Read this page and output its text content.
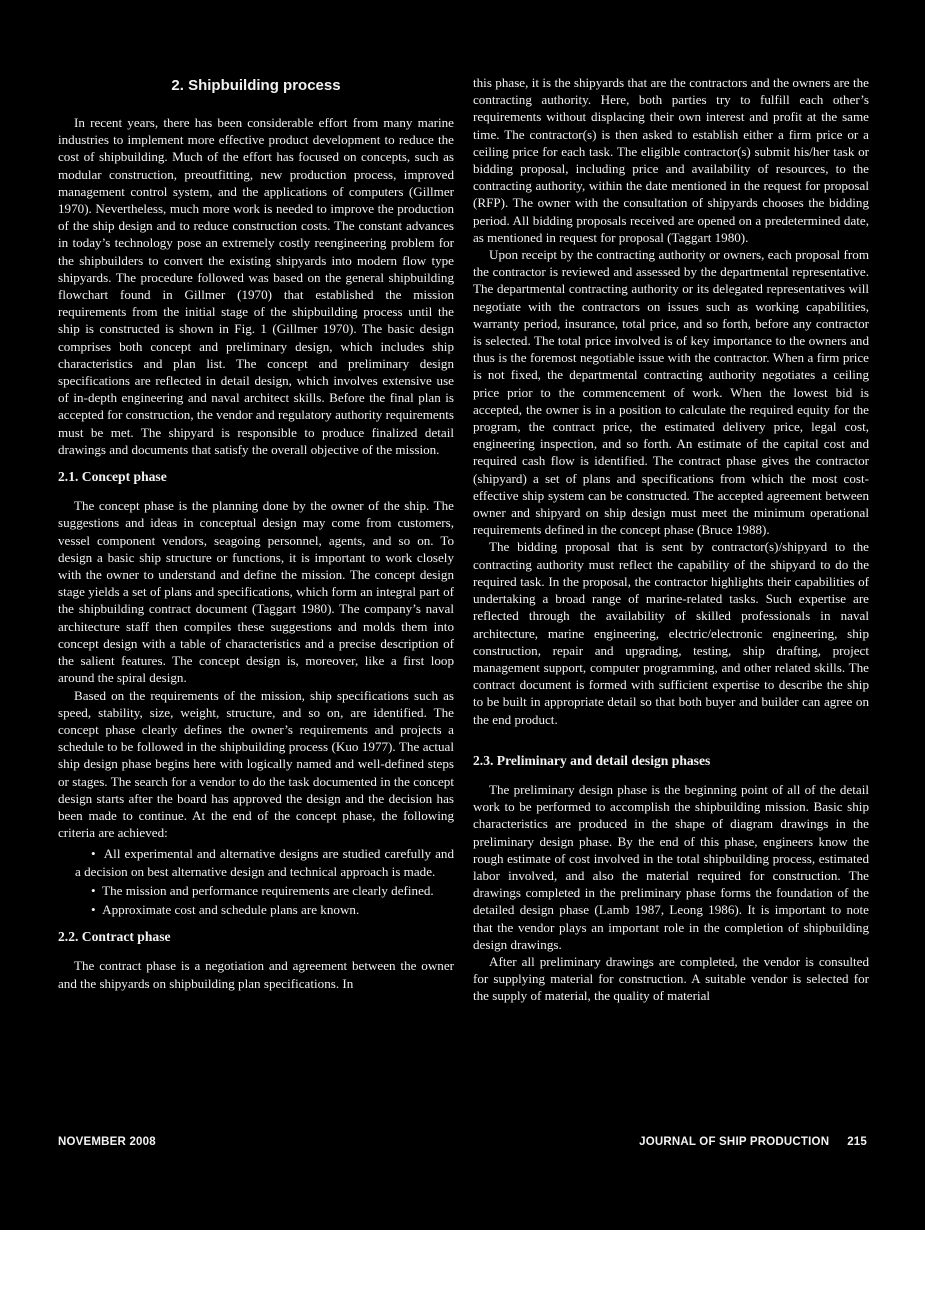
2. Shipbuilding process

In recent years, there has been considerable effort from many marine industries to implement more effective product development to reduce the cost of shipbuilding. Much of the effort has focused on concepts, such as modular construction, preoutfitting, new production process, improved management control system, and the applications of computers (Gillmer 1970). Nevertheless, much more work is needed to improve the production of the ship design and to reduce construction costs. The constant advances in today’s technology pose an extremely costly reengineering problem for the shipbuilders to convert the existing shipyards into modern flow type shipyards. The procedure followed was based on the general shipbuilding flowchart found in Gillmer (1970) that established the mission requirements from the initial stage of the shipbuilding process until the ship is constructed is shown in Fig. 1 (Gillmer 1970). The basic design comprises both concept and preliminary design, which includes ship characteristics and plan list. The concept and preliminary design specifications are reflected in detail design, which involves extensive use of in-depth engineering and naval architect skills. Before the final plan is accepted for construction, the vendor and regulatory authority requirements must be met. The shipyard is responsible to produce finalized detail drawings and documents that satisfy the overall objective of the mission.

2.1. Concept phase

The concept phase is the planning done by the owner of the ship. The suggestions and ideas in conceptual design may come from customers, vessel component vendors, seagoing personnel, agents, and so on. To design a basic ship structure or functions, it is important to work closely with the owner to understand and define the mission. The concept design stage yields a set of plans and specifications, which form an integral part of the shipbuilding contract document (Taggart 1980). The company’s naval architecture staff then compiles these suggestions and molds them into concept design with a table of characteristics and a precise description of the salient features. The concept design is, moreover, like a first loop around the spiral design.

Based on the requirements of the mission, ship specifications such as speed, stability, size, weight, structure, and so on, are identified. The concept phase clearly defines the owner’s requirements and projects a schedule to be followed in the shipbuilding process (Kuo 1977). The actual ship design phase begins here with logically named and well-defined steps or stages. The search for a vendor to do the task documented in the concept design starts after the board has approved the design and the decision has been made to continue. At the end of the concept phase, the following criteria are achieved:

•  All experimental and alternative designs are studied carefully and a decision on best alternative design and technical approach is made.
•  The mission and performance requirements are clearly defined.
•  Approximate cost and schedule plans are known.
2.2. Contract phase

The contract phase is a negotiation and agreement between the owner and the shipyards on shipbuilding plan specifications. In

this phase, it is the shipyards that are the contractors and the owners are the contracting authority. Here, both parties try to fulfill each other’s requirements without displacing their own interest and profit at the same time. The contractor(s) is then asked to establish either a firm price or a ceiling price for each task. The eligible contractor(s) submit his/her task or bidding proposal, including price and availability of resources, to the contracting authority, within the date mentioned in the request for proposal (RFP). The owner with the consultation of shipyards chooses the bidding period. All bidding proposals received are opened on a predetermined date, as mentioned in request for proposal (Taggart 1980).

Upon receipt by the contracting authority or owners, each proposal from the contractor is reviewed and assessed by the departmental representative. The departmental contracting authority or its delegated representatives will negotiate with the contractors on issues such as working capabilities, warranty period, insurance, total price, and so forth, before any contractor is selected. The total price involved is of key importance to the owners and thus is the foremost negotiable issue with the contractor. When a firm price is not fixed, the departmental contracting authority negotiates a ceiling price prior to the commencement of work. When the lowest bid is accepted, the owner is in a position to calculate the required equity for the program, the contract price, the estimated delivery price, legal cost, engineering inspection, and so forth. An estimate of the capital cost and required cash flow is identified. The contract phase gives the contractor (shipyard) a set of plans and specifications from which the most cost-effective ship system can be constructed. The accepted agreement between owner and shipyard on ship design must meet the minimum operational requirements defined in the concept phase (Bruce 1988).

The bidding proposal that is sent by contractor(s)/shipyard to the contracting authority must reflect the capability of the shipyard to do the required task. In the proposal, the contractor highlights their capabilities of undertaking a broad range of marine-related tasks. Such expertise are reflected through the availability of skilled professionals in naval architecture, marine engineering, electric/electronic engineering, ship construction, repair and upgrading, testing, ship drafting, project management support, computer programming, and other related skills. The contract document is formed with sufficient expertise to describe the ship to be built in appropriate detail so that both buyer and builder can agree on the end product.

2.3. Preliminary and detail design phases

The preliminary design phase is the beginning point of all of the detail work to be performed to accomplish the shipbuilding mission. Basic ship characteristics are produced in the shape of diagram drawings in the preliminary design phase. By the end of this phase, engineers know the rough estimate of cost involved in the total shipbuilding process, estimated labor involved, and also the material required for construction. The drawings completed in the preliminary phase forms the foundation of the detailed design phase (Lamb 1987, Leong 1986). It is important to note that the vendor plays an important role in the completion of shipbuilding design drawings.

After all preliminary drawings are completed, the vendor is consulted for supplying material for construction. A suitable vendor is selected for the supply of material, the quality of material

NOVEMBER 2008	JOURNAL OF SHIP PRODUCTION 215
